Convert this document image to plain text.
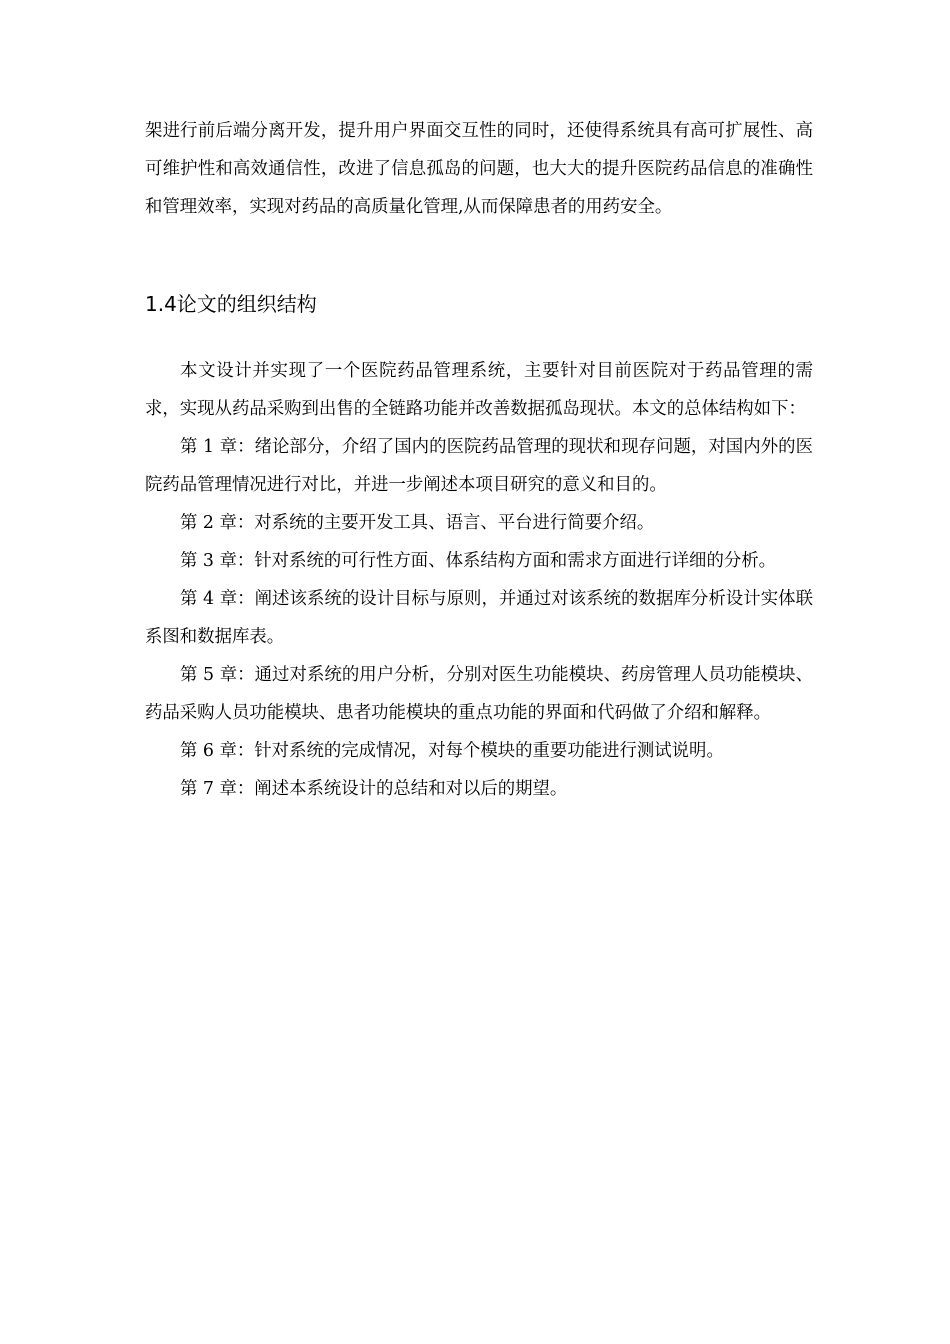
架进行前后端分离开发，提升用户界面交互性的同时，还使得系统具有高可扩展性、高可维护性和高效通信性，改进了信息孤岛的问题，也大大的提升医院药品信息的准确性和管理效率，实现对药品的高质量化管理,从而保障患者的用药安全。

1.4论文的组织结构

本文设计并实现了一个医院药品管理系统，主要针对目前医院对于药品管理的需求，实现从药品采购到出售的全链路功能并改善数据孤岛现状。本文的总体结构如下：

第 1 章：绪论部分，介绍了国内的医院药品管理的现状和现存问题，对国内外的医院药品管理情况进行对比，并进一步阐述本项目研究的意义和目的。

第 2 章：对系统的主要开发工具、语言、平台进行简要介绍。

第 3 章：针对系统的可行性方面、体系结构方面和需求方面进行详细的分析。

第 4 章：阐述该系统的设计目标与原则，并通过对该系统的数据库分析设计实体联系图和数据库表。

第 5 章：通过对系统的用户分析，分别对医生功能模块、药房管理人员功能模块、药品采购人员功能模块、患者功能模块的重点功能的界面和代码做了介绍和解释。

第 6 章：针对系统的完成情况，对每个模块的重要功能进行测试说明。

第 7 章：阐述本系统设计的总结和对以后的期望。
